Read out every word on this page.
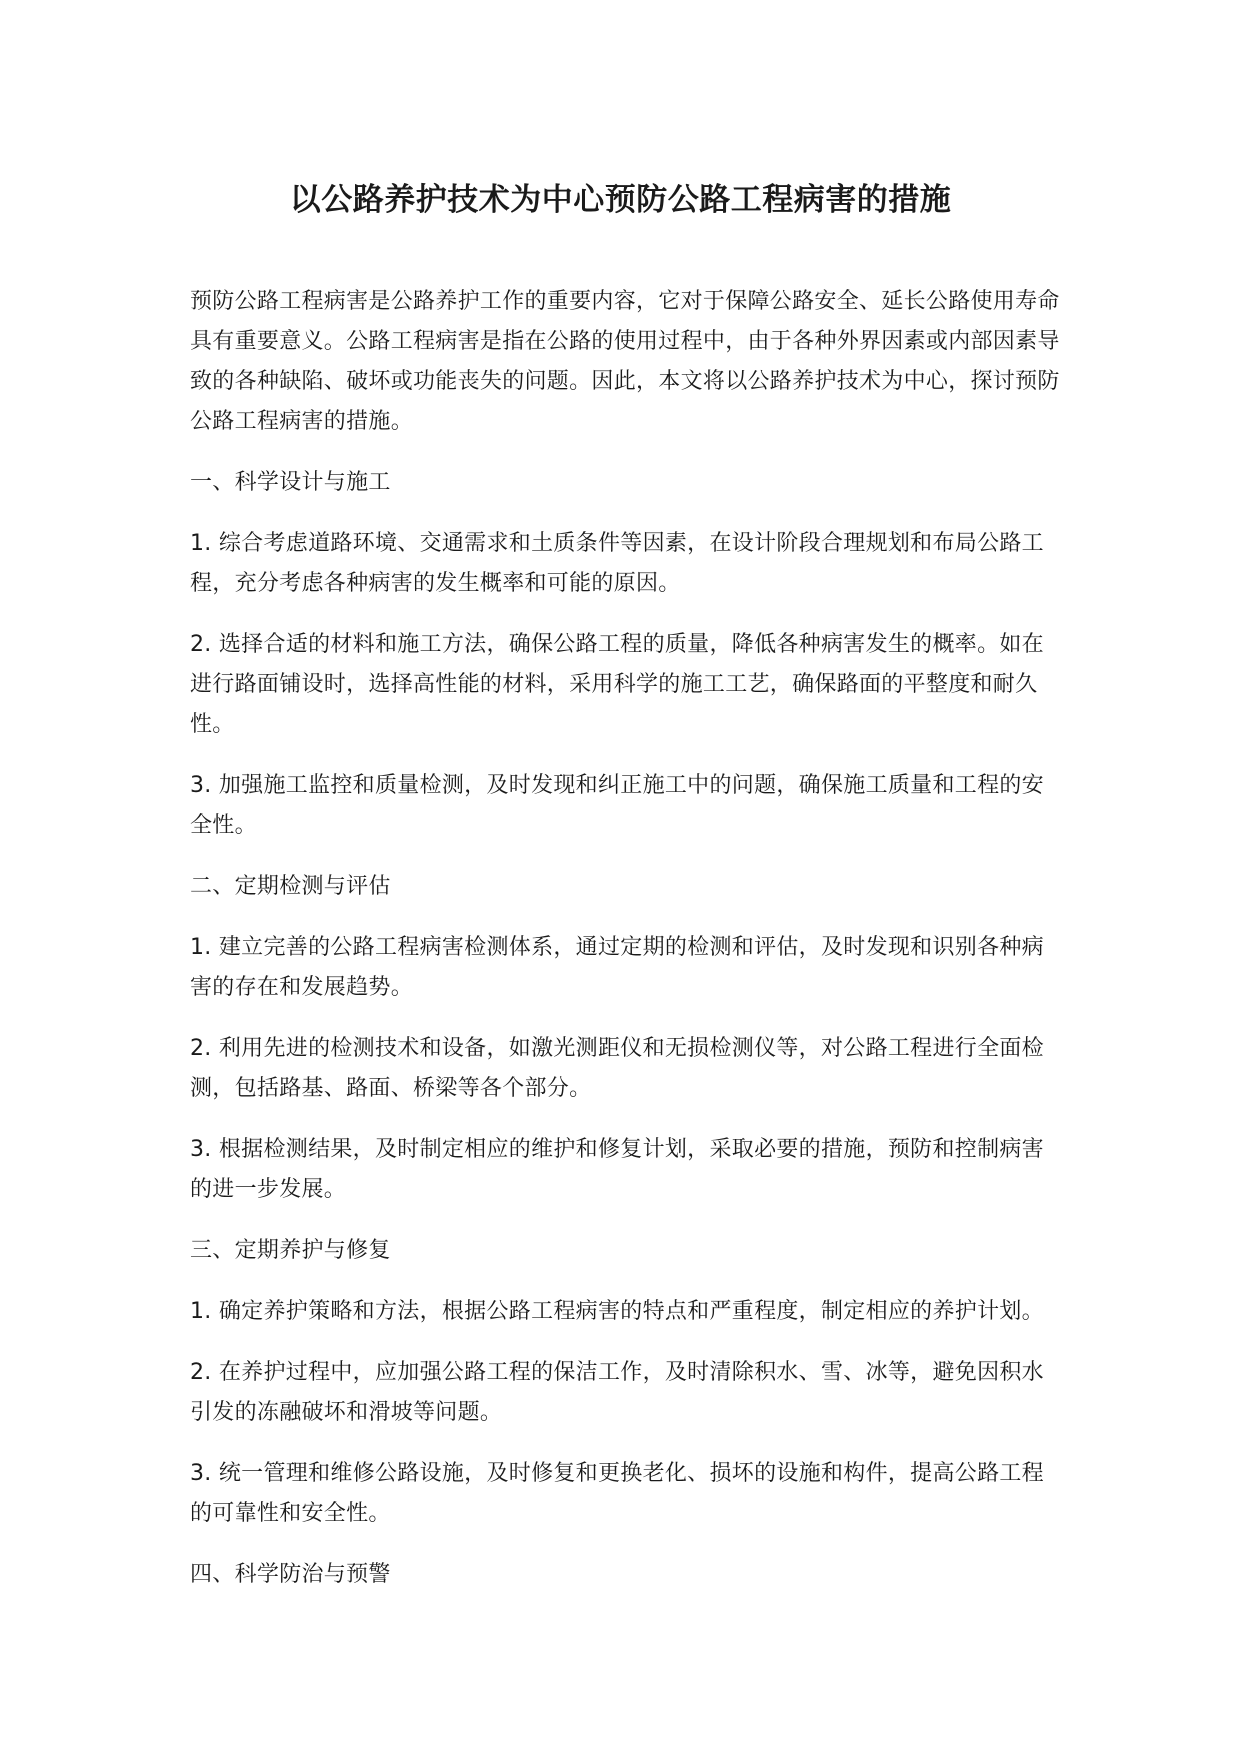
以公路养护技术为中心预防公路工程病害的措施

预防公路工程病害是公路养护工作的重要内容，它对于保障公路安全、延长公路使用寿命具有重要意义。公路工程病害是指在公路的使用过程中，由于各种外界因素或内部因素导致的各种缺陷、破坏或功能丧失的问题。因此，本文将以公路养护技术为中心，探讨预防公路工程病害的措施。

一、科学设计与施工

1. 综合考虑道路环境、交通需求和土质条件等因素，在设计阶段合理规划和布局公路工程，充分考虑各种病害的发生概率和可能的原因。

2. 选择合适的材料和施工方法，确保公路工程的质量，降低各种病害发生的概率。如在进行路面铺设时，选择高性能的材料，采用科学的施工工艺，确保路面的平整度和耐久性。

3. 加强施工监控和质量检测，及时发现和纠正施工中的问题，确保施工质量和工程的安全性。

二、定期检测与评估

1. 建立完善的公路工程病害检测体系，通过定期的检测和评估，及时发现和识别各种病害的存在和发展趋势。

2. 利用先进的检测技术和设备，如激光测距仪和无损检测仪等，对公路工程进行全面检测，包括路基、路面、桥梁等各个部分。

3. 根据检测结果，及时制定相应的维护和修复计划，采取必要的措施，预防和控制病害的进一步发展。

三、定期养护与修复

1. 确定养护策略和方法，根据公路工程病害的特点和严重程度，制定相应的养护计划。

2. 在养护过程中，应加强公路工程的保洁工作，及时清除积水、雪、冰等，避免因积水引发的冻融破坏和滑坡等问题。

3. 统一管理和维修公路设施，及时修复和更换老化、损坏的设施和构件，提高公路工程的可靠性和安全性。

四、科学防治与预警
